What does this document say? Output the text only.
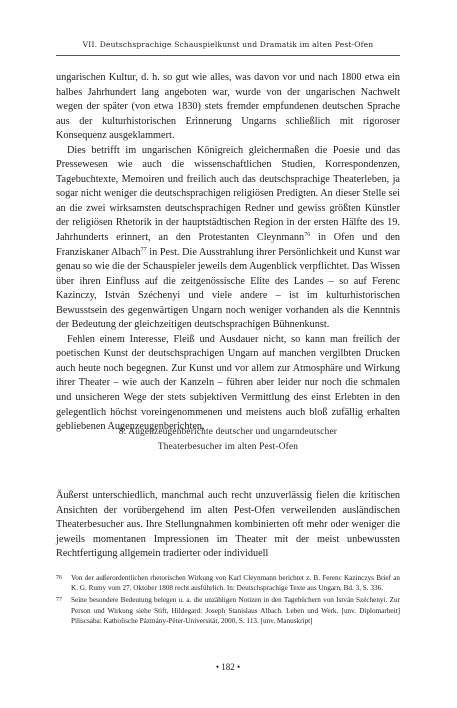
VII. Deutschsprachige Schauspielkunst und Dramatik im alten Pest-Ofen

ungarischen Kultur, d. h. so gut wie alles, was davon vor und nach 1800 etwa ein halbes Jahrhundert lang angeboten war, wurde von der ungarischen Nachwelt wegen der später (von etwa 1830) stets fremder empfundenen deutschen Sprache aus der kulturhistorischen Erinnerung Ungarns schließlich mit rigoroser Konsequenz ausgeklammert.

Dies betrifft im ungarischen Königreich gleichermaßen die Poesie und das Pressewesen wie auch die wissenschaftlichen Studien, Korrespondenzen, Tagebuchtexte, Memoiren und freilich auch das deutschsprachige Theaterleben, ja sogar nicht weniger die deutschsprachigen religiösen Predigten. An dieser Stelle sei an die zwei wirksamsten deutschsprachigen Redner und gewiss größten Künstler der religiösen Rhetorik in der hauptstädtischen Region in der ersten Hälfte des 19. Jahrhunderts erinnert, an den Protestanten Cleynmann$^{76}$ in Ofen und den Franziskaner Albach$^{77}$ in Pest. Die Ausstrahlung ihrer Persönlichkeit und Kunst war genau so wie die der Schauspieler jeweils dem Augenblick verpflichtet. Das Wissen über ihren Einfluss auf die zeitgenössische Elite des Landes – so auf Ferenc Kazinczy, István Széchenyi und viele andere – ist im kulturhistorischen Bewusstsein des gegenwärtigen Ungarn noch weniger vorhanden als die Kenntnis der Bedeutung der gleichzeitigen deutschsprachigen Bühnenkunst.

Fehlen einem Interesse, Fleiß und Ausdauer nicht, so kann man freilich der poetischen Kunst der deutschsprachigen Ungarn auf manchen vergilbten Drucken auch heute noch begegnen. Zur Kunst und vor allem zur Atmosphäre und Wirkung ihrer Theater – wie auch der Kanzeln – führen aber leider nur noch die schmalen und unsicheren Wege der stets subjektiven Vermittlung des einst Erlebten in den gelegentlich höchst voreingenommenen und meistens auch bloß zufällig erhalten gebliebenen Augenzeugenberichten.

8. Augenzeugenberichte deutscher und ungarndeutscher
Theaterbesucher im alten Pest-Ofen

Äußerst unterschiedlich, manchmal auch recht unzuverlässig fielen die kritischen Ansichten der vorübergehend im alten Pest-Ofen verweilenden ausländischen Theaterbesucher aus. Ihre Stellungnahmen kombinierten oft mehr oder weniger die jeweils momentanen Impressionen im Theater mit der meist unbewussten Rechtfertigung allgemein tradierter oder individuell

76 Von der außerordentlichen rhetorischen Wirkung von Karl Cleynmann berichtet z. B. Ferenc Kazinczys Brief an K. G. Rumy vom 27. Oktober 1808 recht ausführlich. In: Deutschsprachige Texte aus Ungarn, Bd. 3, S. 336.
77 Seine besondere Bedeutung belegen u. a. die unzähligen Notizen in den Tagebüchern von István Széchenyi. Zur Person und Wirkung siehe Stift, Hildegard: Joseph Stanislaus Albach. Leben und Werk. [unv. Diplomarbeit] Piliscsaba: Katholische Pázmány-Péter-Universität, 2000, S. 113. [unv. Manuskript]
• 182 •
